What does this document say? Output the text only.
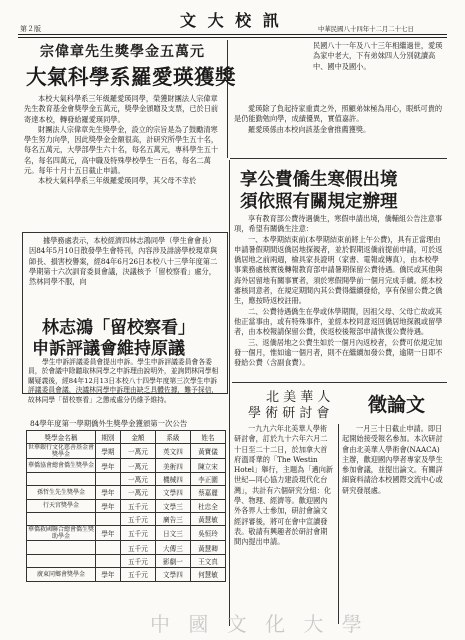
第２版	文 大 校 訊	中華民國八十四年十二月二十七日
宗偉章先生獎學金五萬元
大氣科學系羅愛瑛獲獎

本校大氣科學系三年級羅愛瑛同學，榮獲財團法人宗偉章先生教育基金會獎學金五萬元，獎學金頒贈及支票，已於日前寄達本校，轉發給羅愛瑛同學。

財團法人宗偉章先生獎學金，設立的宗旨是為了鼓勵清寒學生努力向學，因此獎學金金額很高，計研究所學生五十名，每名五萬元，大學部學生六十名，每名五萬元，專科學生五十名，每名四萬元，高中職及特殊學校學生一百名，每名二萬元。每年十月十五日截止申請。

本校大氣科學系三年級羅愛瑛同學，其父母不幸於

民國八十一年及八十三年相繼過世，愛瑛為家中老大，下有弟妹四人分別就讀高中、國中及國小。

愛瑛除了負起持家重責之外，照顧弟妹極為用心，眼紙可貴的是仍能勤勉向學，成績優異，實值嘉許。

羅愛瑛係由本校向該基金會推薦獲獎。

據學務處表示，本校經濟四林志鴻同學（學生會會長）因84年5月10日散發學生會特刊，內容涉及誹謗學校現章與師長、損害校譽案，經84年6月26日本校八十三學年度第二學期第十六次訓育委員會議，決議核予「留校察看」處分，然林同學不服，向

林志鴻「留校察看」
申訴評議會維持原議

學生申訴評議委員會提出申訴。學生申訴評議委員會各委員，於會議中除聽取林同學之申訴理由說明外，並詢問林同學相關疑義後，經84年12月13日本校八十四學年度第三次學生申訴評議委員會議，決議林同學申訴理由缺乏具體佐據，難予採信，故林同學「留校察看」之懲戒處分仍維予維持。

84學年度第一學期僑外生獎學金獲頒第一次公告
獎學金名稱	期別	金額	系級	姓名
世華銀行文化慈善基金會獎學金	學期	一萬元	英文四	黃寶儀
華僑協會總會僑生獎學金	學年	一萬元	美術四	陳立宋
		一萬元	機械四	李正圍
孫哲生先生獎學金	學年	一萬元	文學四	蔡嘉麗
行天宮獎學金	學年	五千元	文學三	杜忠全
		五千元	廣告三	黃慧敏
華僑救國聯合總會僑生獎助學金	學年	五千元	日文三	吳恒玲
		五千元	大傳三	黃慧卿
		五千元	影劇一	王文真
廣東同鄉會獎學金	學年	五千元	文學四	何慧敏
享公費僑生寒假出境
須依照有關規定辦理

享有教育部公費待遇僑生，寒假申請出境，僑輔組公告注意事項，希望有關僑生注意：

一、本學期結束前(本學期結束前將上午公費)，具有正當理由申請暑假期間返僑居地探親者，並於假期返僑前提前申請，可於返僑居地之前兩週，檢具家長證明（家書、電報或傳真），由本校學事業務處核實後轉報教育部申請暑期保留公費待遇。僑民或其他與海外居留地有關事實者，須於寒假開學前一個月完成手續。經本校審核同意者，在規定期間內其公費得繼續發給，享有保留公費之僑生，應按時返校註冊。

二、公費待遇僑生在學或休學期間，因祖父母、父母亡故或其他正當事由，或有特殊事件，並經本校同意返回僑居地探親或留學者，由本校報請保留公費，俟返校後報部申請恢復公費待遇。

三、返僑居地之公費生如於一個月內返校者，公費可依規定加發一個月，惟如逾一個月者，則不在繼續加發公費，逾期一日即不發給公費（含副食費）。

北 美 華 人
學 術 研 討 會 徵論文

一九九六年北美華人學術研討會，訂於九十六年六月二十日至二十二日，於加拿大首府溫哥華的「The Westin Hotel」舉行，主題為「邁向新世紀—同心協力建設現代化台灣」，共計有六個研究分組：化學、物理、經濟等。歡迎國內外各界人士參加，研討會論文經評審後，將可在會中宣讀發表。敬請有興趣者於研討會期間內提出申請。

一月三十日截止申請。即日起開始接受報名參加。本次研討會由北美華人學術會(NAACA)主辦，歡迎國內學者專家及學生參加會議，並提出論文。有關詳細資料請洽本校國際交流中心或研究發展處。

中 國 文 化 大 學
